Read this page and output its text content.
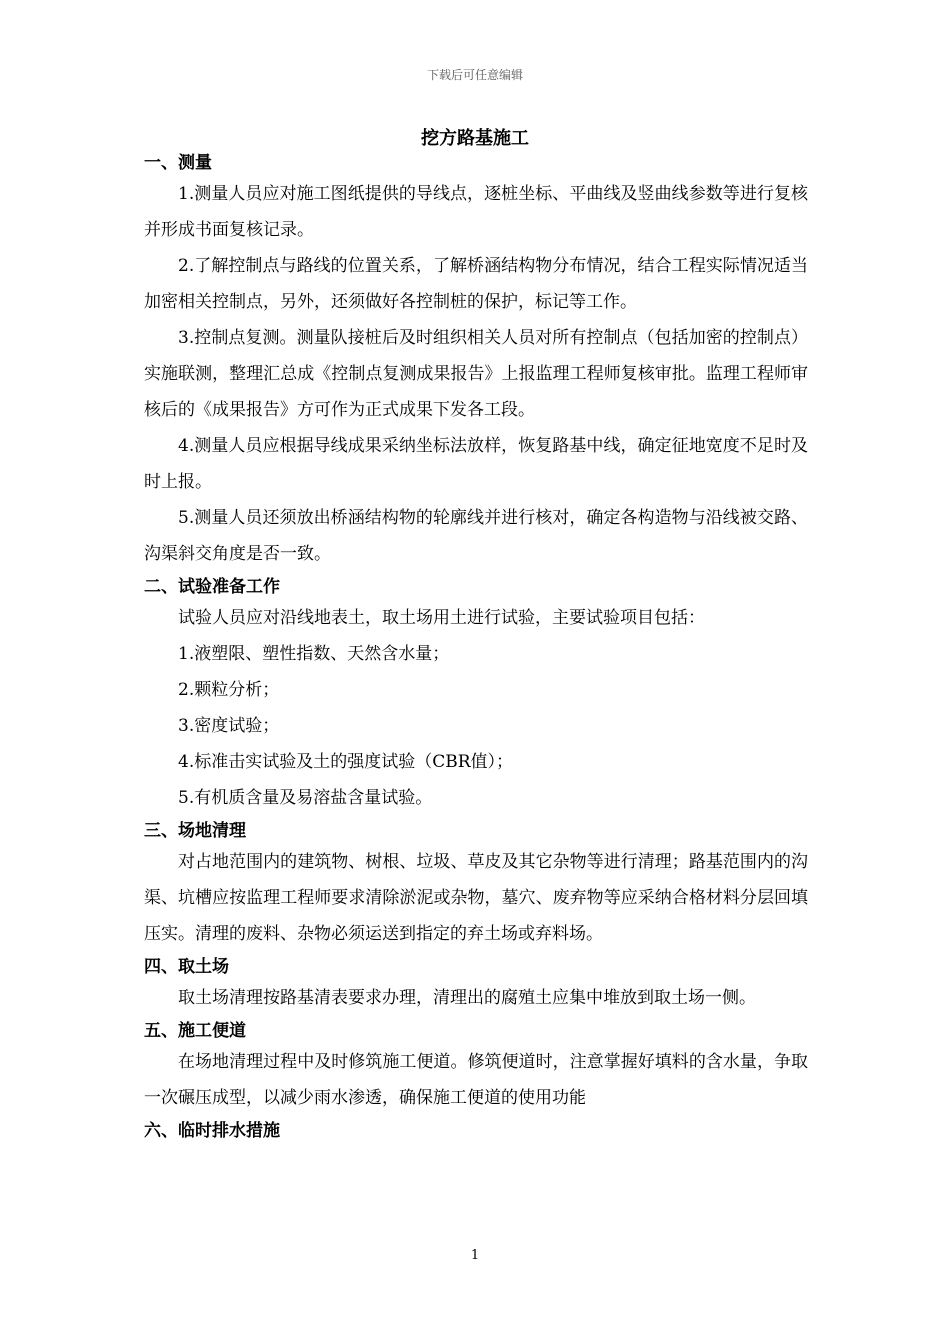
下载后可任意编辑
挖方路基施工
一、测量

1.测量人员应对施工图纸提供的导线点，逐桩坐标、平曲线及竖曲线参数等进行复核并形成书面复核记录。

2.了解控制点与路线的位置关系，了解桥涵结构物分布情况，结合工程实际情况适当加密相关控制点，另外，还须做好各控制桩的保护，标记等工作。

3.控制点复测。测量队接桩后及时组织相关人员对所有控制点（包括加密的控制点）实施联测，整理汇总成《控制点复测成果报告》上报监理工程师复核审批。监理工程师审核后的《成果报告》方可作为正式成果下发各工段。

4.测量人员应根据导线成果采纳坐标法放样，恢复路基中线，确定征地宽度不足时及时上报。

5.测量人员还须放出桥涵结构物的轮廓线并进行核对，确定各构造物与沿线被交路、沟渠斜交角度是否一致。

二、试验准备工作

试验人员应对沿线地表土，取土场用土进行试验，主要试验项目包括：

1.液塑限、塑性指数、天然含水量；

2.颗粒分析；

3.密度试验；

4.标准击实试验及土的强度试验（CBR值）；

5.有机质含量及易溶盐含量试验。

三、场地清理

对占地范围内的建筑物、树根、垃圾、草皮及其它杂物等进行清理；路基范围内的沟渠、坑槽应按监理工程师要求清除淤泥或杂物，墓穴、废弃物等应采纳合格材料分层回填压实。清理的废料、杂物必须运送到指定的弃土场或弃料场。

四、取土场

取土场清理按路基清表要求办理，清理出的腐殖土应集中堆放到取土场一侧。

五、施工便道

在场地清理过程中及时修筑施工便道。修筑便道时，注意掌握好填料的含水量，争取一次碾压成型，以减少雨水渗透，确保施工便道的使用功能

六、临时排水措施
1
